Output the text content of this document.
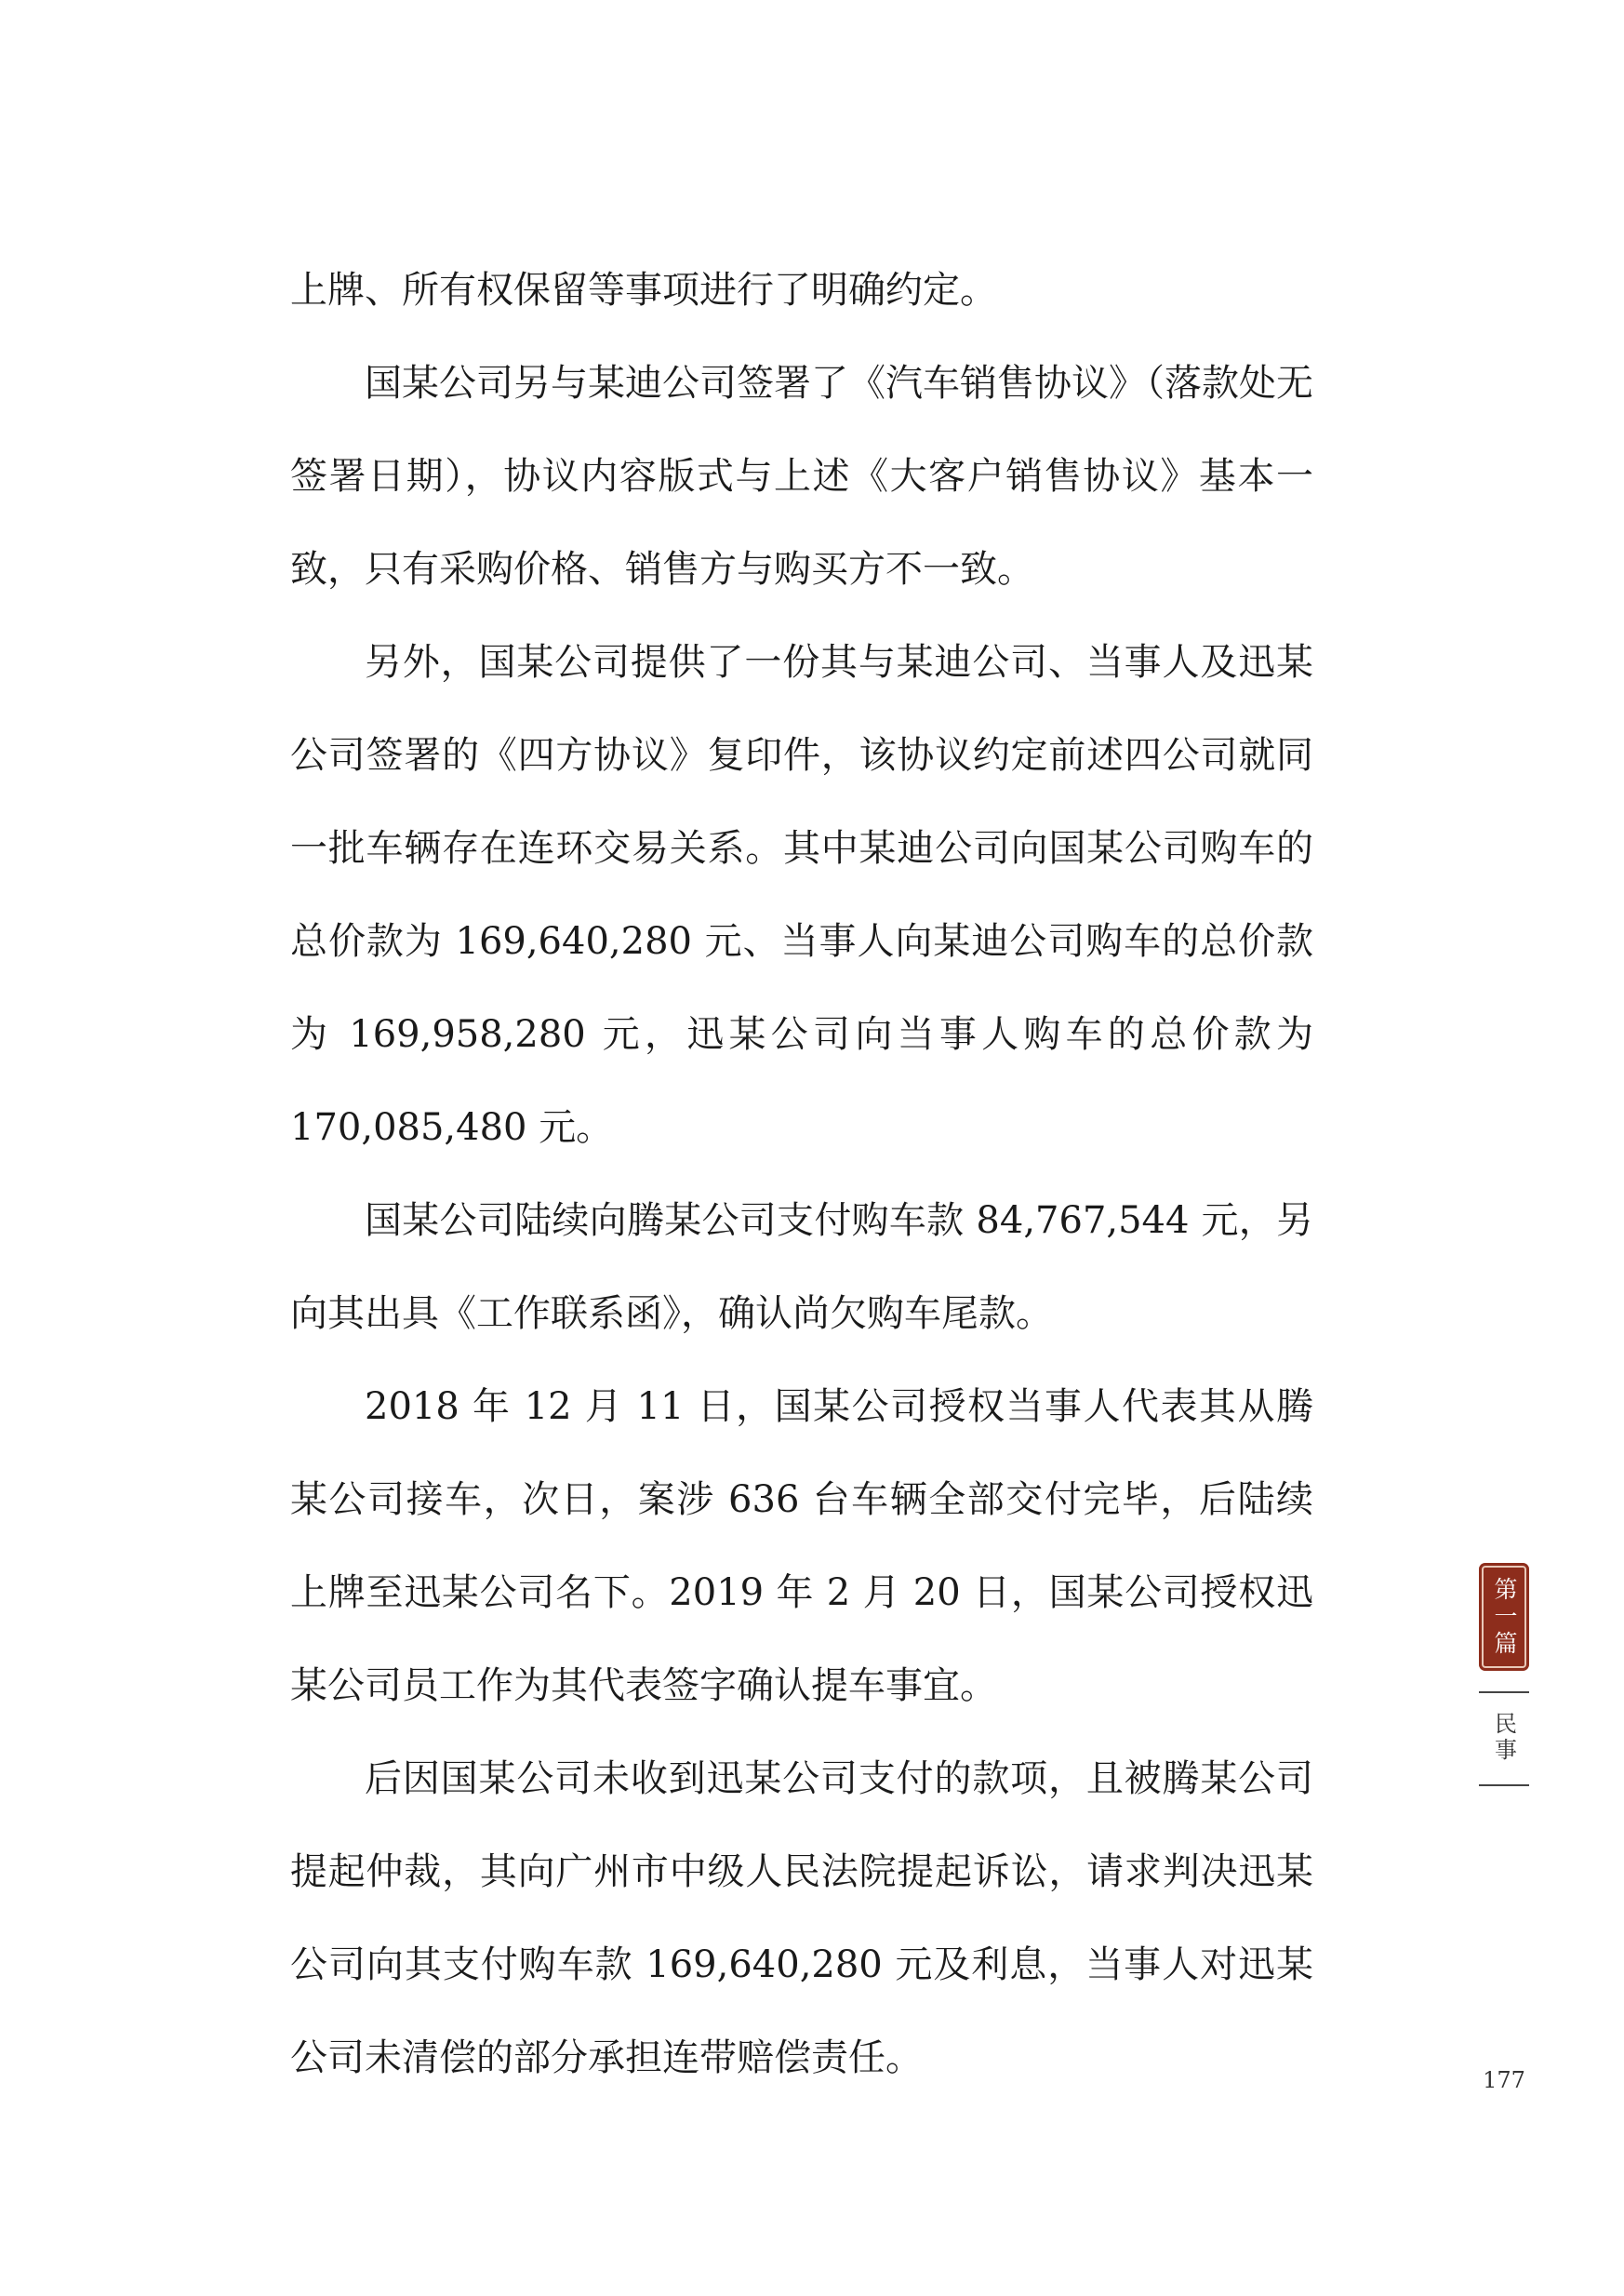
上牌、所有权保留等事项进行了明确约定。

国某公司另与某迪公司签署了《汽车销售协议》（落款处无签署日期），协议内容版式与上述《大客户销售协议》基本一致，只有采购价格、销售方与购买方不一致。

另外，国某公司提供了一份其与某迪公司、当事人及迅某公司签署的《四方协议》复印件，该协议约定前述四公司就同一批车辆存在连环交易关系。其中某迪公司向国某公司购车的总价款为 169,640,280 元、当事人向某迪公司购车的总价款为 169,958,280 元，迅某公司向当事人购车的总价款为 170,085,480 元。

国某公司陆续向腾某公司支付购车款 84,767,544 元，另向其出具《工作联系函》，确认尚欠购车尾款。

2018 年 12 月 11 日，国某公司授权当事人代表其从腾某公司接车，次日，案涉 636 台车辆全部交付完毕，后陆续上牌至迅某公司名下。2019 年 2 月 20 日，国某公司授权迅某公司员工作为其代表签字确认提车事宜。

后因国某公司未收到迅某公司支付的款项，且被腾某公司提起仲裁，其向广州市中级人民法院提起诉讼，请求判决迅某公司向其支付购车款 169,640,280 元及利息，当事人对迅某公司未清偿的部分承担连带赔偿责任。

第一篇
民事
177
